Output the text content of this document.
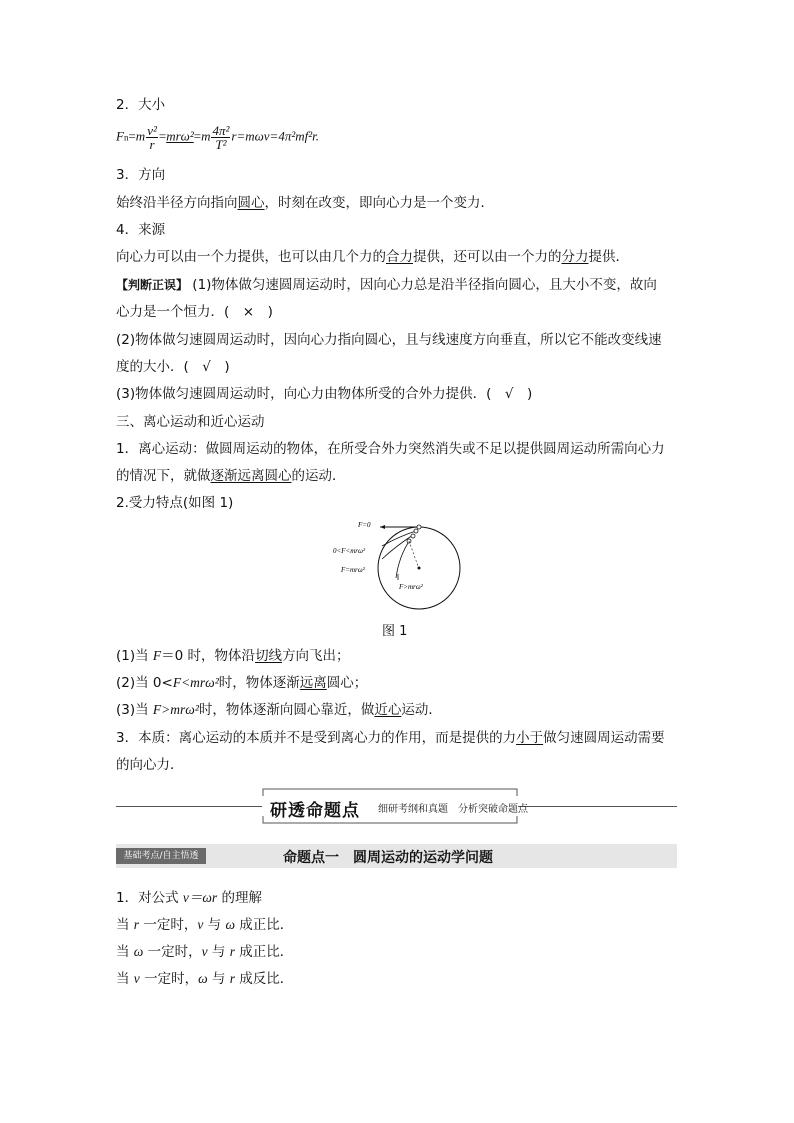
2．大小
$Fn=m \frac{\text{v²}}{r} =mr\omega^2=m \frac{\text{4π²}}{\text{T²}} r=m\omega v=4\pi^2mf^2r$.
3．方向
始终沿半径方向指向圆心，时刻在改变，即向心力是一个变力．
4．来源
向心力可以由一个力提供，也可以由几个力的合力提供，还可以由一个力的分力提供．
【判断正误】 (1)物体做匀速圆周运动时，因向心力总是沿半径指向圆心，且大小不变，故向
心力是一个恒力．(　×　)
(2)物体做匀速圆周运动时，因向心力指向圆心，且与线速度方向垂直，所以它不能改变线速
度的大小．(　√　)
(3)物体做匀速圆周运动时，向心力由物体所受的合外力提供．(　√　)
三、离心运动和近心运动
1．离心运动：做圆周运动的物体，在所受合外力突然消失或不足以提供圆周运动所需向心力
的情况下，就做逐渐远离圆心的运动．
2.受力特点(如图 1)
F=0
0<F<mrω²
F=mrω²
F>mrω²
图 1
(1)当 F＝0 时，物体沿切线方向飞出；
(2)当 0<F<mrω²时，物体逐渐远离圆心；
(3)当 F>mrω²时，物体逐渐向圆心靠近，做近心运动．
3．本质：离心运动的本质并不是受到离心力的作用，而是提供的力小于做匀速圆周运动需要
的向心力．
研透命题点 细研考纲和真题　分析突破命题点
基础考点/自主悟透	命题点一　圆周运动的运动学问题
1．对公式 v＝ωr 的理解
当 r 一定时，v 与 ω 成正比．
当 ω 一定时，v 与 r 成正比．
当 v 一定时，ω 与 r 成反比．
